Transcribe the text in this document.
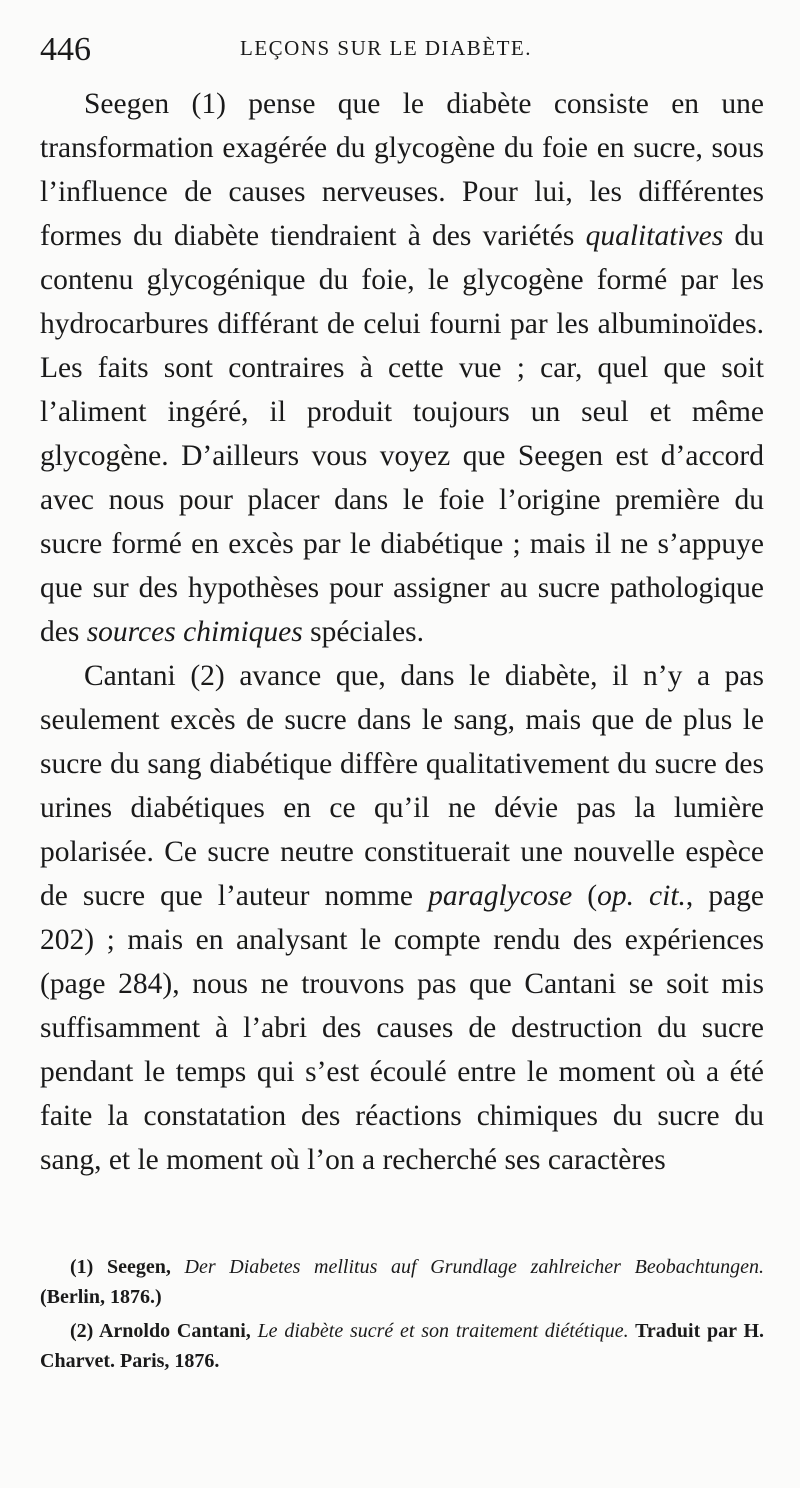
446	LEÇONS SUR LE DIABÈTE.

Seegen (1) pense que le diabète consiste en une transformation exagérée du glycogène du foie en sucre, sous l’influence de causes nerveuses. Pour lui, les différentes formes du diabète tiendraient à des variétés qualitatives du contenu glycogénique du foie, le glycogène formé par les hydrocarbures différant de celui fourni par les albuminoïdes. Les faits sont contraires à cette vue ; car, quel que soit l’aliment ingéré, il produit toujours un seul et même glycogène. D’ailleurs vous voyez que Seegen est d’accord avec nous pour placer dans le foie l’origine première du sucre formé en excès par le diabétique ; mais il ne s’appuye que sur des hypothèses pour assigner au sucre pathologique des sources chimiques spéciales.

Cantani (2) avance que, dans le diabète, il n’y a pas seulement excès de sucre dans le sang, mais que de plus le sucre du sang diabétique diffère qualitativement du sucre des urines diabétiques en ce qu’il ne dévie pas la lumière polarisée. Ce sucre neutre constituerait une nouvelle espèce de sucre que l’auteur nomme paraglycose (op. cit., page 202) ; mais en analysant le compte rendu des expériences (page 284), nous ne trouvons pas que Cantani se soit mis suffisamment à l’abri des causes de destruction du sucre pendant le temps qui s’est écoulé entre le moment où a été faite la constatation des réactions chimiques du sucre du sang, et le moment où l’on a recherché ses caractères

(1) Seegen, Der Diabetes mellitus auf Grundlage zahlreicher Beobachtungen. (Berlin, 1876.)

(2) Arnoldo Cantani, Le diabète sucré et son traitement diététique. Traduit par H. Charvet. Paris, 1876.
